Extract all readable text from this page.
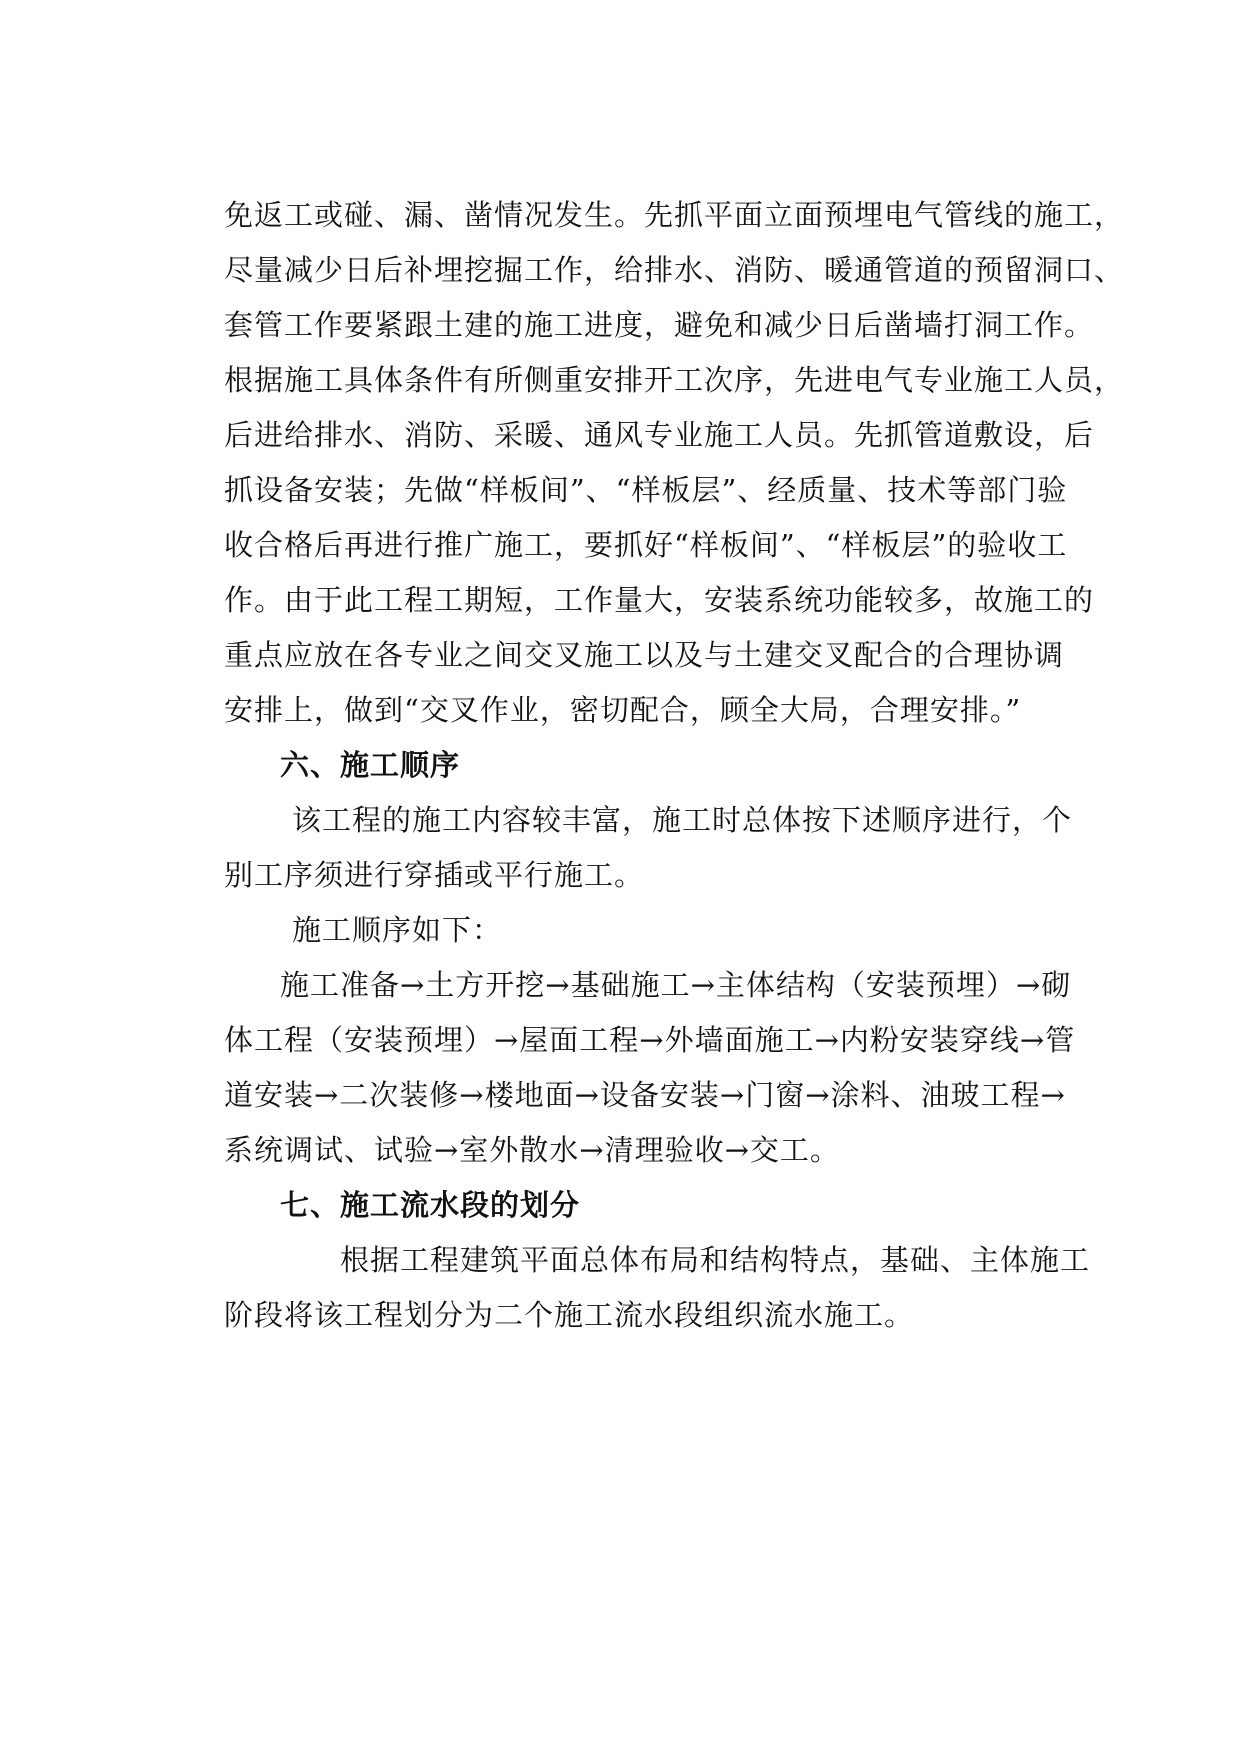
免返工或碰、漏、凿情况发生。先抓平面立面预埋电气管线的施工，
尽量减少日后补埋挖掘工作，给排水、消防、暖通管道的预留洞口、
套管工作要紧跟土建的施工进度，避免和减少日后凿墙打洞工作。
根据施工具体条件有所侧重安排开工次序，先进电气专业施工人员，
后进给排水、消防、采暖、通风专业施工人员。先抓管道敷设，后
抓设备安装；先做“样板间”、“样板层”、经质量、技术等部门验
收合格后再进行推广施工，要抓好“样板间”、“样板层”的验收工
作。由于此工程工期短，工作量大，安装系统功能较多，故施工的
重点应放在各专业之间交叉施工以及与土建交叉配合的合理协调
安排上，做到“交叉作业，密切配合，顾全大局，合理安排。”
六、施工顺序
该工程的施工内容较丰富，施工时总体按下述顺序进行，个
别工序须进行穿插或平行施工。
施工顺序如下：
施工准备→土方开挖→基础施工→主体结构（安装预埋）→砌
体工程（安装预埋）→屋面工程→外墙面施工→内粉安装穿线→管
道安装→二次装修→楼地面→设备安装→门窗→涂料、油玻工程→
系统调试、试验→室外散水→清理验收→交工。
七、施工流水段的划分
根据工程建筑平面总体布局和结构特点，基础、主体施工
阶段将该工程划分为二个施工流水段组织流水施工。
